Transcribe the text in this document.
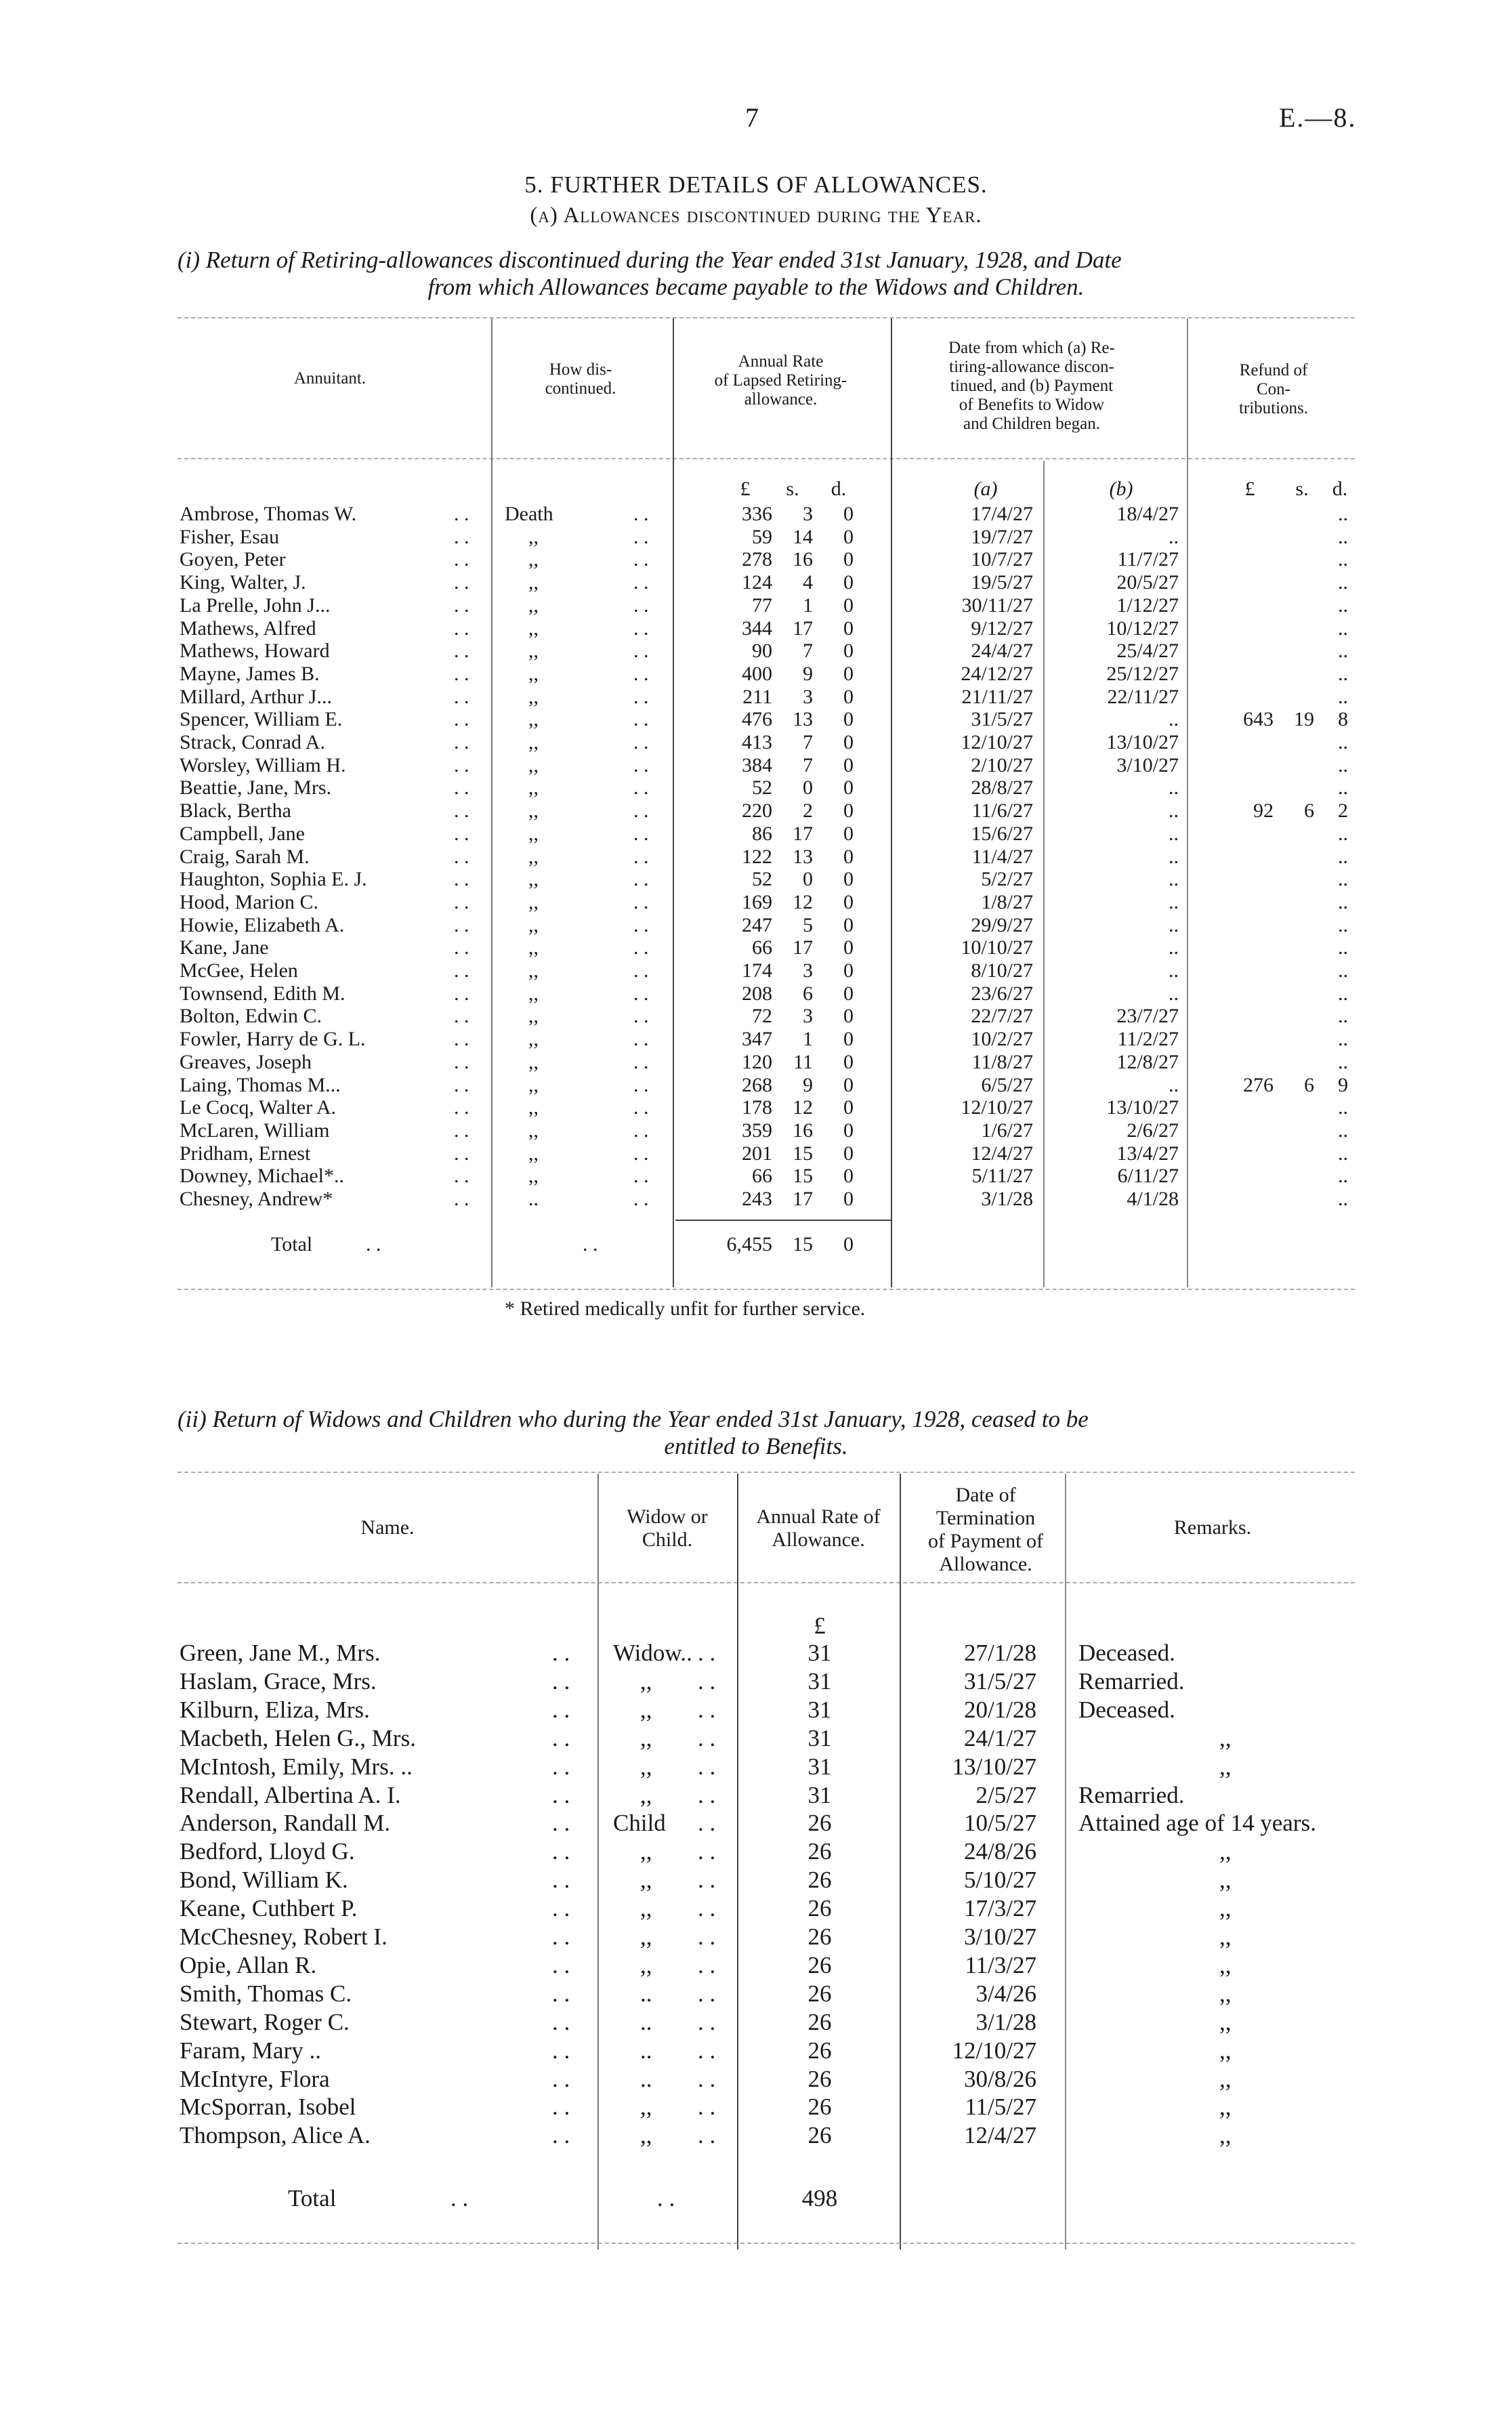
7	E.—8.
5. FURTHER DETAILS OF ALLOWANCES.
(a) Allowances discontinued during the Year.
(i) Return of Retiring-allowances discontinued during the Year ended 31st January, 1928, and Date
from which Allowances became payable to the Widows and Children.
Annuitant.	How dis-
continued.
Annual Rate
of Lapsed Retiring-
allowance.
Date from which (a) Re-
tiring-allowance discon-
tinued, and (b) Payment
of Benefits to Widow
and Children began.
Refund of
Con-
tributions.
£	s.	d.	(a)	(b)	£	s.	d.
Ambrose, Thomas W.	. . Death	. .	336	3	0	17/4/27	18/4/27	..
Fisher, Esau	. .	,,	. .	59	14	0	19/7/27	..	..
Goyen, Peter	. .	,,	. .	278	16	0	10/7/27	11/7/27	..
King, Walter, J.	. .	,,	. .	124	4	0	19/5/27	20/5/27	..
La Prelle, John J...	. .	,,	. .	77	1	0	30/11/27	1/12/27	..
Mathews, Alfred	. .	,,	. .	344	17	0	9/12/27	10/12/27	..
Mathews, Howard	. .	,,	. .	90	7	0	24/4/27	25/4/27	..
Mayne, James B.	. .	,,	. .	400	9	0	24/12/27	25/12/27	..
Millard, Arthur J...	. .	,,	. .	211	3	0	21/11/27	22/11/27	..
Spencer, William E.	. .	,,	. .	476	13	0	31/5/27	..	643	19	8
Strack, Conrad A.	. .	,,	. .	413	7	0	12/10/27	13/10/27	..
Worsley, William H.	. .	,,	. .	384	7	0	2/10/27	3/10/27	..
Beattie, Jane, Mrs.	. .	,,	. .	52	0	0	28/8/27	..	..
Black, Bertha	. .	,,	. .	220	2	0	11/6/27	..	92	6	2
Campbell, Jane	. .	,,	. .	86	17	0	15/6/27	..	..
Craig, Sarah M.	. .	,,	. .	122	13	0	11/4/27	..	..
Haughton, Sophia E. J.	. .	,,	. .	52	0	0	5/2/27	..	..
Hood, Marion C.	. .	,,	. .	169	12	0	1/8/27	..	..
Howie, Elizabeth A.	. .	,,	. .	247	5	0	29/9/27	..	..
Kane, Jane	. .	,,	. .	66	17	0	10/10/27	..	..
McGee, Helen	. .	,,	. .	174	3	0	8/10/27	..	..
Townsend, Edith M.	. .	,,	. .	208	6	0	23/6/27	..	..
Bolton, Edwin C.	. .	,,	. .	72	3	0	22/7/27	23/7/27	..
Fowler, Harry de G. L.	. .	,,	. .	347	1	0	10/2/27	11/2/27	..
Greaves, Joseph	. .	,,	. .	120	11	0	11/8/27	12/8/27	..
Laing, Thomas M...	. .	,,	. .	268	9	0	6/5/27	..	276	6	9
Le Cocq, Walter A.	. .	,,	. .	178	12	0	12/10/27	13/10/27	..
McLaren, William	. .	,,	. .	359	16	0	1/6/27	2/6/27	..
Pridham, Ernest	. .	,,	. .	201	15	0	12/4/27	13/4/27	..
Downey, Michael*..	. .	,,	. .	66	15	0	5/11/27	6/11/27	..
Chesney, Andrew*	. .	..	. .	243	17	0	3/1/28	4/1/28	..
Total	. .	. .	6,455	15	0
* Retired medically unfit for further service.
(ii) Return of Widows and Children who during the Year ended 31st January, 1928, ceased to be
entitled to Benefits.
Name.	Widow or
Child.
Annual Rate of
Allowance.
Date of
Termination
of Payment of
Allowance.
Remarks.
£
Green, Jane M., Mrs.	. . Widow.. . .	31	27/1/28 Deceased.
Haslam, Grace, Mrs.	. .	,, . .	31	31/5/27 Remarried.
Kilburn, Eliza, Mrs.	. .	,, . .	31	20/1/28 Deceased.
Macbeth, Helen G., Mrs.	. .	,, . .	31	24/1/27	,,
McIntosh, Emily, Mrs. ..	. .	,, . .	31	13/10/27	,,
Rendall, Albertina A. I.	. .	,, . .	31	2/5/27 Remarried.
Anderson, Randall M.	. . Child . .	26	10/5/27 Attained age of 14 years.
Bedford, Lloyd G.	. .	,, . .	26	24/8/26	,,
Bond, William K.	. .	,, . .	26	5/10/27	,,
Keane, Cuthbert P.	. .	,, . .	26	17/3/27	,,
McChesney, Robert I.	. .	,, . .	26	3/10/27	,,
Opie, Allan R.	. .	,, . .	26	11/3/27	,,
Smith, Thomas C.	. .	.. . .	26	3/4/26	,,
Stewart, Roger C.	. .	.. . .	26	3/1/28	,,
Faram, Mary ..	. .	.. . .	26	12/10/27	,,
McIntyre, Flora	. .	.. . .	26	30/8/26	,,
McSporran, Isobel	. .	,, . .	26	11/5/27	,,
Thompson, Alice A.	. .	,, . .	26	12/4/27	,,
Total	. .	. .	498
